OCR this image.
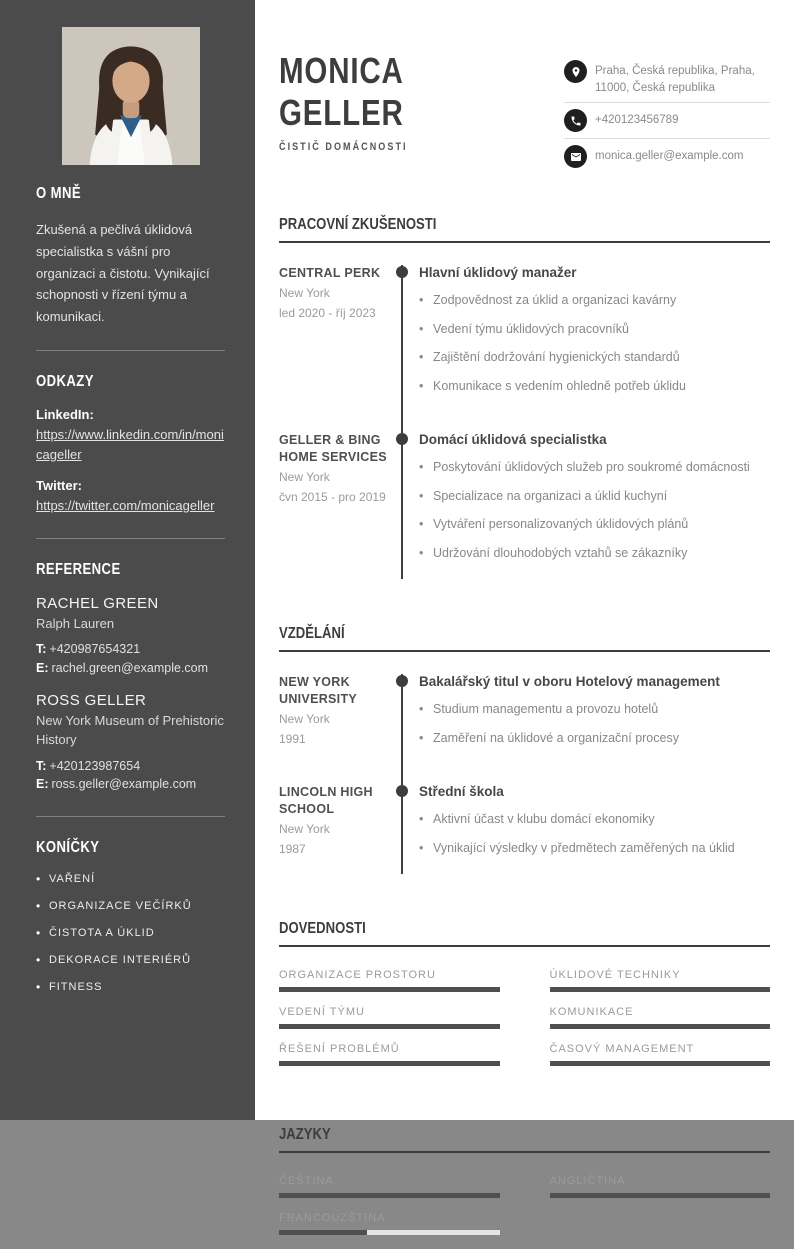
O MNĚ

Zkušená a pečlivá úklidová specialistka s vášní pro organizaci a čistotu. Vynikající schopnosti v řízení týmu a komunikaci.

ODKAZY
LinkedIn:
https://www.linkedin.com/in/monicageller
Twitter:
https://twitter.com/monicageller
REFERENCE
RACHEL GREEN
Ralph Lauren
T: +420987654321
E: rachel.green@example.com
ROSS GELLER
New York Museum of Prehistoric History
T: +420123987654
E: ross.geller@example.com
KONÍČKY
• VAŘENÍ
• ORGANIZACE VEČÍRKŮ
• ČISTOTA A ÚKLID
• DEKORACE INTERIÉRŮ
• FITNESS
MONICA
GELLER
ČISTIČ DOMÁCNOSTI
Praha, Česká republika, Praha, 11000, Česká republika
+420123456789
monica.geller@example.com
PRACOVNÍ ZKUŠENOSTI
CENTRAL PERK
New York
led 2020 - říj 2023
Hlavní úklidový manažer
• Zodpovědnost za úklid a organizaci kavárny
• Vedení týmu úklidových pracovníků
• Zajištění dodržování hygienických standardů
• Komunikace s vedením ohledně potřeb úklidu
GELLER & BING HOME SERVICES
New York
čvn 2015 - pro 2019
Domácí úklidová specialistka
• Poskytování úklidových služeb pro soukromé domácnosti
• Specializace na organizaci a úklid kuchyní
• Vytváření personalizovaných úklidových plánů
• Udržování dlouhodobých vztahů se zákazníky
VZDĚLÁNÍ
NEW YORK UNIVERSITY
New York
1991
Bakalářský titul v oboru Hotelový management
• Studium managementu a provozu hotelů
• Zaměření na úklidové a organizační procesy
LINCOLN HIGH SCHOOL
New York
1987
Střední škola
• Aktivní účast v klubu domácí ekonomiky
• Vynikající výsledky v předmětech zaměřených na úklid
DOVEDNOSTI
ORGANIZACE PROSTORU	ÚKLIDOVÉ TECHNIKY
VEDENÍ TÝMU	KOMUNIKACE
ŘEŠENÍ PROBLÉMŮ	ČASOVÝ MANAGEMENT
JAZYKY
ČEŠTINA	ANGLIČTINA
FRANCOUZŠTINA
